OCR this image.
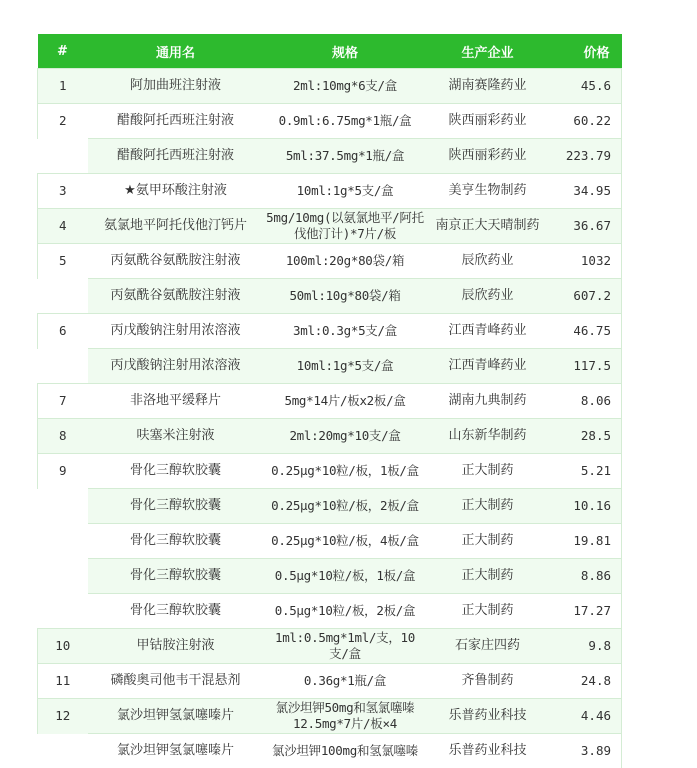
#	通用名	规格	生产企业	价格
1	阿加曲班注射液	2ml:10mg*6支/盒	湖南赛隆药业	45.6
2	醋酸阿托西班注射液	0.9ml:6.75mg*1瓶/盒	陕西丽彩药业	60.22
	醋酸阿托西班注射液	5ml:37.5mg*1瓶/盒	陕西丽彩药业	223.79
3	★氨甲环酸注射液	10ml:1g*5支/盒	美亨生物制药	34.95
4	氨氯地平阿托伐他汀钙片	5mg/10mg(以氨氯地平/阿托伐他汀计)*7片/板	南京正大天晴制药	36.67
5	丙氨酰谷氨酰胺注射液	100ml:20g*80袋/箱	辰欣药业	1032
	丙氨酰谷氨酰胺注射液	50ml:10g*80袋/箱	辰欣药业	607.2
6	丙戊酸钠注射用浓溶液	3ml:0.3g*5支/盒	江西青峰药业	46.75
	丙戊酸钠注射用浓溶液	10ml:1g*5支/盒	江西青峰药业	117.5
7	非洛地平缓释片	5mg*14片/板x2板/盒	湖南九典制药	8.06
8	呋塞米注射液	2ml:20mg*10支/盒	山东新华制药	28.5
9	骨化三醇软胶囊	0.25μg*10粒/板，1板/盒	正大制药	5.21
	骨化三醇软胶囊	0.25μg*10粒/板，2板/盒	正大制药	10.16
	骨化三醇软胶囊	0.25μg*10粒/板，4板/盒	正大制药	19.81
	骨化三醇软胶囊	0.5μg*10粒/板，1板/盒	正大制药	8.86
	骨化三醇软胶囊	0.5μg*10粒/板，2板/盒	正大制药	17.27
10	甲钴胺注射液	1ml:0.5mg*1ml/支，10支/盒	石家庄四药	9.8
11	磷酸奥司他韦干混悬剂	0.36g*1瓶/盒	齐鲁制药	24.8
12	氯沙坦钾氢氯噻嗪片	氯沙坦钾50mg和氢氯噻嗪 12.5mg*7片/板×4	乐普药业科技	4.46
	氯沙坦钾氢氯噻嗪片	氯沙坦钾100mg和氢氯噻嗪	乐普药业科技	3.89
